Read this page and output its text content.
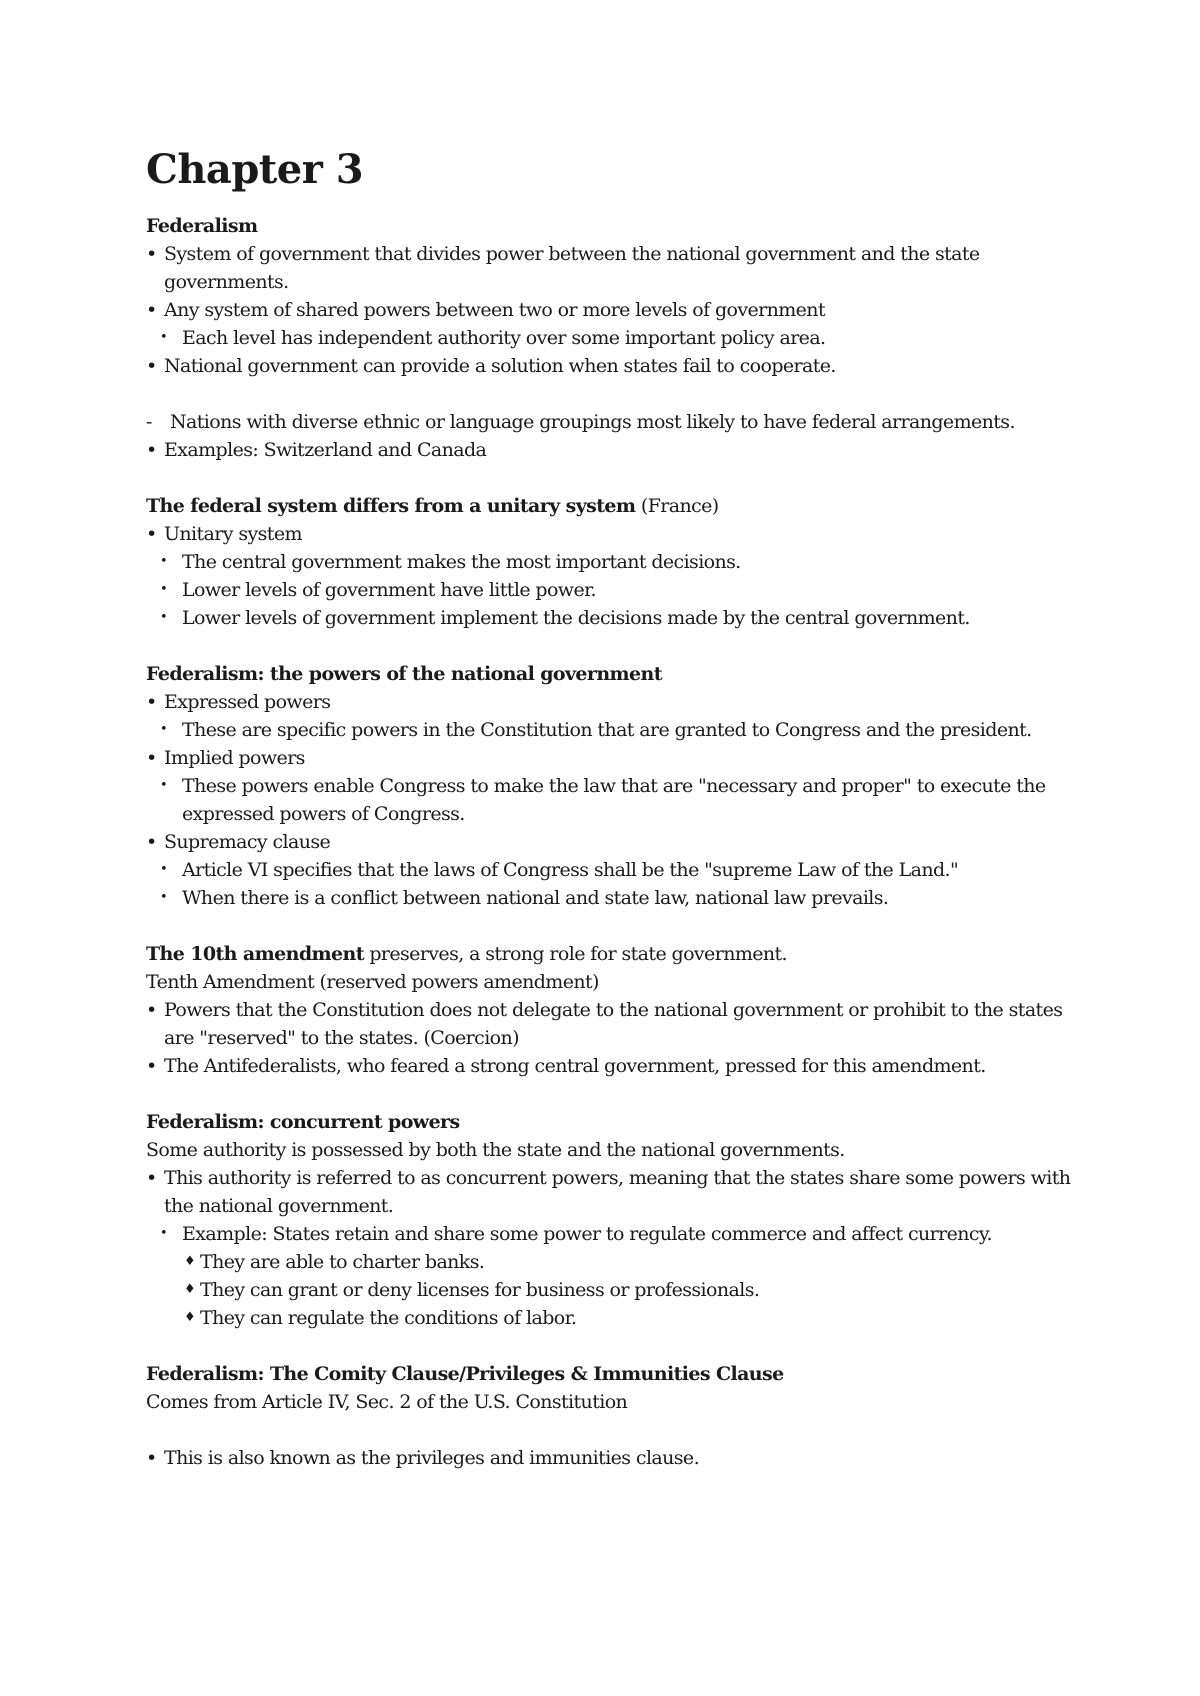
Chapter 3

Federalism

• System of government that divides power between the national government and the state governments.
• Any system of shared powers between two or more levels of government
• Each level has independent authority over some important policy area.
• National government can provide a solution when states fail to cooperate.
- Nations with diverse ethnic or language groupings most likely to have federal arrangements.
• Examples: Switzerland and Canada

The federal system differs from a unitary system (France)

• Unitary system
• The central government makes the most important decisions.
• Lower levels of government have little power.
• Lower levels of government implement the decisions made by the central government.

Federalism: the powers of the national government

• Expressed powers
• These are specific powers in the Constitution that are granted to Congress and the president.
• Implied powers
• These powers enable Congress to make the law that are "necessary and proper" to execute the expressed powers of Congress.
• Supremacy clause
• Article VI specifies that the laws of Congress shall be the "supreme Law of the Land."
• When there is a conflict between national and state law, national law prevails.

The 10th amendment preserves, a strong role for state government.

Tenth Amendment (reserved powers amendment)

• Powers that the Constitution does not delegate to the national government or prohibit to the states are "reserved" to the states. (Coercion)
• The Antifederalists, who feared a strong central government, pressed for this amendment.

Federalism: concurrent powers

Some authority is possessed by both the state and the national governments.

• This authority is referred to as concurrent powers, meaning that the states share some powers with the national government.
• Example: States retain and share some power to regulate commerce and affect currency.
♦ They are able to charter banks.
♦ They can grant or deny licenses for business or professionals.
♦ They can regulate the conditions of labor.

Federalism: The Comity Clause/Privileges & Immunities Clause

Comes from Article IV, Sec. 2 of the U.S. Constitution

• This is also known as the privileges and immunities clause.
